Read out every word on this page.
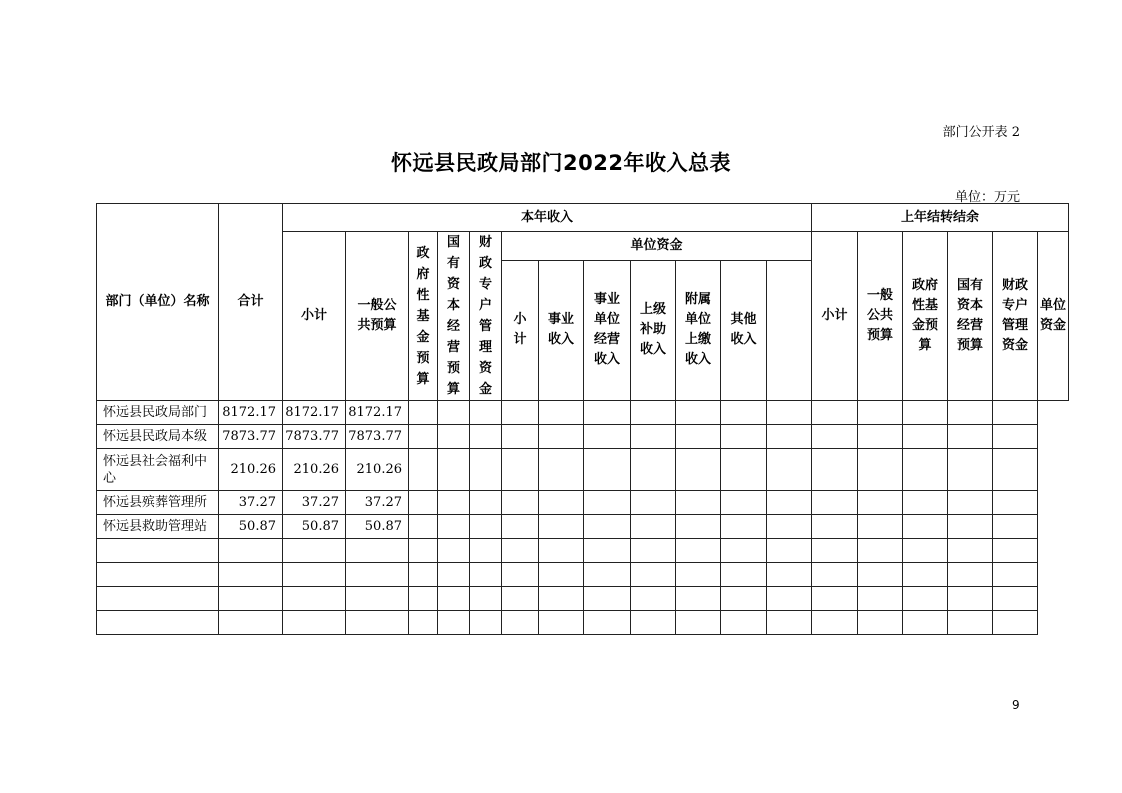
部门公开表 2
怀远县民政局部门2022年收入总表
单位：万元
部门（单位）名称	合计	本年收入												上年结转结余					
		小计	一般公共预算	政府性基金预算	国有资本经营预算	财政专户管理资金	单位资金							小计	一般公共预算	政府性基金预算	国有资本经营预算	财政专户管理资金	单位资金

							小计	事业收入	事业单位经营收入	上级补助收入	附属单位上缴收入	其他收入							

怀远县民政局部门	8172.17	8172.17	8172.17																
怀远县民政局本级	7873.77	7873.77	7873.77																
怀远县社会福利中心	210.26	210.26	210.26																
怀远县殡葬管理所	37.27	37.27	37.27																
怀远县救助管理站	50.87	50.87	50.87																

9
